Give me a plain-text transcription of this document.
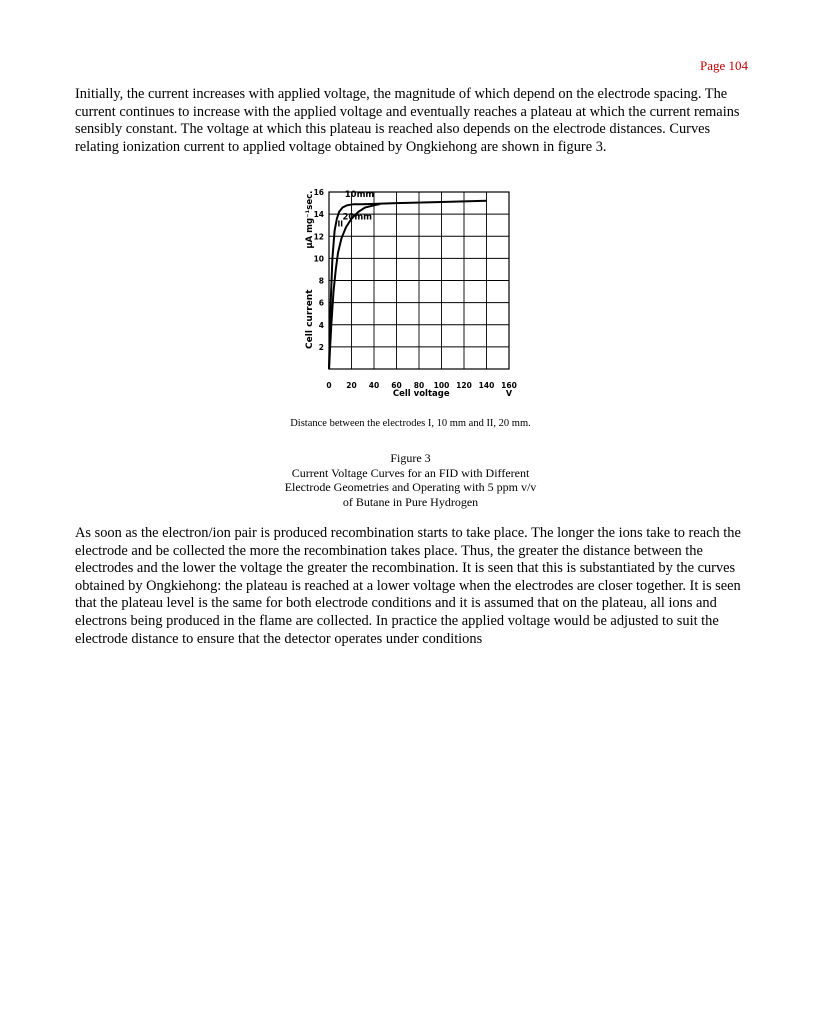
Page 104

Initially, the current increases with applied voltage, the magnitude of which depend on the electrode spacing. The current continues to increase with the applied voltage and eventually reaches a plateau at which the current remains sensibly constant. The voltage at which this plateau is reached also depends on the electrode distances. Curves relating ionization current to applied voltage obtained by Ongkiehong are shown in figure 3.

0 20 40 60 80 100 120 140 160
2
4
6
8
10
12
14
16 10mm
20mm
II
Cell voltage	V
Cell current
μA mg⁻¹sec.
Distance between the electrodes I, 10 mm and II, 20 mm.
Figure 3
Current Voltage Curves for an FID with Different
Electrode Geometries and Operating with 5 ppm v/v
of Butane in Pure Hydrogen

As soon as the electron/ion pair is produced recombination starts to take place. The longer the ions take to reach the electrode and be collected the more the recombination takes place. Thus, the greater the distance between the electrodes and the lower the voltage the greater the recombination. It is seen that this is substantiated by the curves obtained by Ongkiehong: the plateau is reached at a lower voltage when the electrodes are closer together. It is seen that the plateau level is the same for both electrode conditions and it is assumed that on the plateau, all ions and electrons being produced in the flame are collected. In practice the applied voltage would be adjusted to suit the electrode distance to ensure that the detector operates under conditions
